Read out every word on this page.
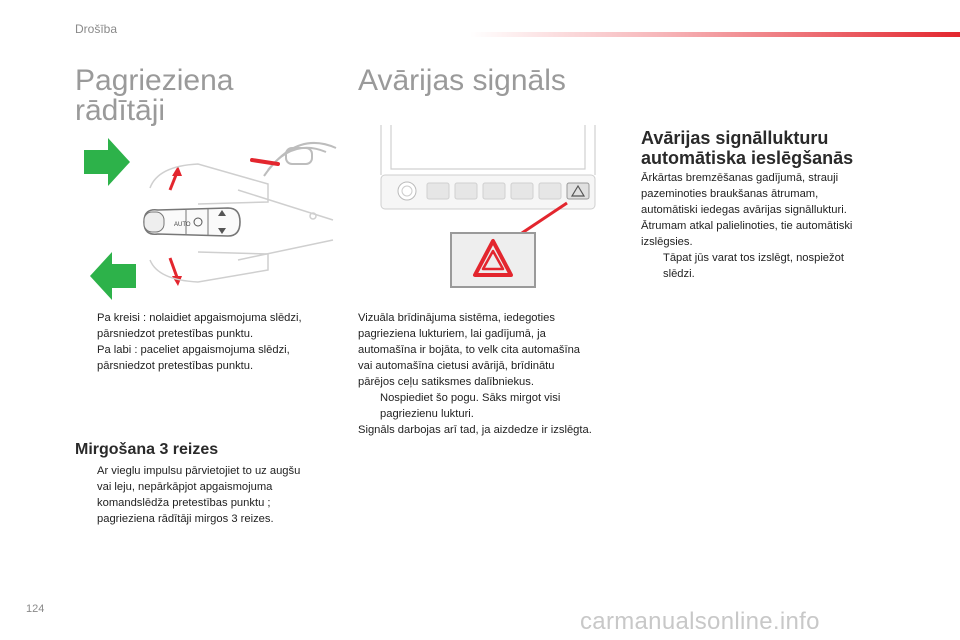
Drošība
Pagrieziena
rādītāji
AUTO
Pa kreisi : nolaidiet apgaismojuma slēdzi,
pārsniedzot pretestības punktu.
Pa labi : paceliet apgaismojuma slēdzi,
pārsniedzot pretestības punktu.
Mirgošana 3 reizes
Ar vieglu impulsu pārvietojiet to uz augšu
vai leju, nepārkāpjot apgaismojuma
komandslēdža pretestības punktu ;
pagrieziena rādītāji mirgos 3 reizes.
Avārijas signāls
Vizuāla brīdinājuma sistēma, iedegoties
pagrieziena lukturiem, lai gadījumā, ja
automašīna ir bojāta, to velk cita automašīna
vai automašīna cietusi avārijā, brīdinātu
pārējos ceļu satiksmes dalībniekus.
Nospiediet šo pogu. Sāks mirgot visi
pagriezienu lukturi.
Signāls darbojas arī tad, ja aizdedze ir izslēgta.
Avārijas signāllukturu
automātiska ieslēgšanās
Ārkārtas bremzēšanas gadījumā, strauji
pazeminoties braukšanas ātrumam,
automātiski iedegas avārijas signāllukturi.
Ātrumam atkal palielinoties, tie automātiski
izslēgsies.
Tāpat jūs varat tos izslēgt, nospiežot
slēdzi.
124	carmanualsonline.info
